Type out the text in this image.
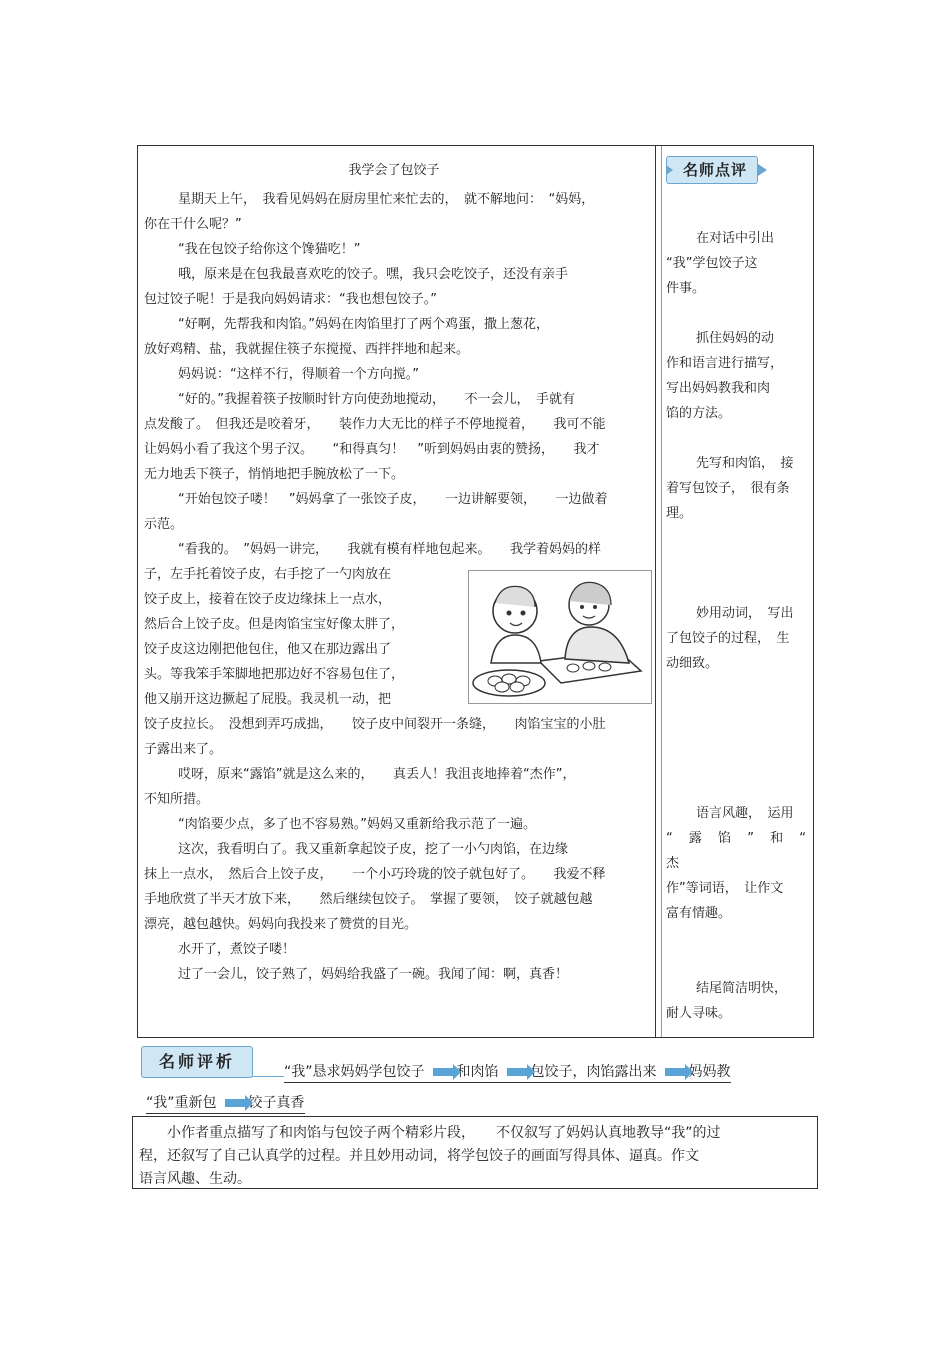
我学会了包饺子

星期天上午，　我看见妈妈在厨房里忙来忙去的，　就不解地问：　“妈妈，

你在干什么呢？”

“我在包饺子给你这个馋猫吃！”

哦，原来是在包我最喜欢吃的饺子。嘿，我只会吃饺子，还没有亲手

包过饺子呢！于是我向妈妈请求：“我也想包饺子。”

“好啊，先帮我和肉馅。”妈妈在肉馅里打了两个鸡蛋，撒上葱花，

放好鸡精、盐，我就握住筷子东搅搅、西拌拌地和起来。

妈妈说：“这样不行，得顺着一个方向搅。”

“好的。”我握着筷子按顺时针方向使劲地搅动，　　不一会儿，　手就有

点发酸了。　但我还是咬着牙，　　装作力大无比的样子不停地搅着，　　我可不能

让妈妈小看了我这个男子汉。　　“和得真匀！　”听到妈妈由衷的赞扬，　　我才

无力地丢下筷子，悄悄地把手腕放松了一下。

“开始包饺子喽！　”妈妈拿了一张饺子皮，　　一边讲解要领，　　一边做着

示范。

“看我的。　”妈妈一讲完，　　我就有模有样地包起来。　　我学着妈妈的样

子，左手托着饺子皮，右手挖了一勺肉放在

饺子皮上，接着在饺子皮边缘抹上一点水，

然后合上饺子皮。但是肉馅宝宝好像太胖了，

饺子皮这边刚把他包住，他又在那边露出了

头。等我笨手笨脚地把那边好不容易包住了，

他又崩开这边撅起了屁股。我灵机一动，把

饺子皮拉长。　没想到弄巧成拙，　　饺子皮中间裂开一条缝，　　肉馅宝宝的小肚

子露出来了。

哎呀，原来“露馅”就是这么来的，　　真丢人！我沮丧地捧着“杰作”，

不知所措。

“肉馅要少点，多了也不容易熟。”妈妈又重新给我示范了一遍。

这次，我看明白了。我又重新拿起饺子皮，挖了一小勺肉馅，在边缘

抹上一点水，　然后合上饺子皮，　　一个小巧玲珑的饺子就包好了。　　我爱不释

手地欣赏了半天才放下来，　　然后继续包饺子。　掌握了要领，　饺子就越包越

漂亮，越包越快。妈妈向我投来了赞赏的目光。

水开了，煮饺子喽！

过了一会儿，饺子熟了，妈妈给我盛了一碗。我闻了闻：啊，真香！

名师点评
在对话中引出
“我”学包饺子这
件事。
抓住妈妈的动
作和语言进行描写，
写出妈妈教我和肉
馅的方法。
先写和肉馅，　接
着写包饺子，　很有条
理。
妙用动词，　写出
了包饺子的过程，　生
动细致。
语言风趣，　运用
“　露　馅　”　和　“　杰
作”等词语，　让作文
富有情趣。
结尾简洁明快，
耐人寻味。
名师评析
“我”恳求妈妈学包饺子 和肉馅 包饺子，肉馅露出来 妈妈教
“我”重新包 饺子真香

小作者重点描写了和肉馅与包饺子两个精彩片段，　　不仅叙写了妈妈认真地教导“我”的过

程，还叙写了自己认真学的过程。并且妙用动词，将学包饺子的画面写得具体、逼真。作文

语言风趣、生动。
